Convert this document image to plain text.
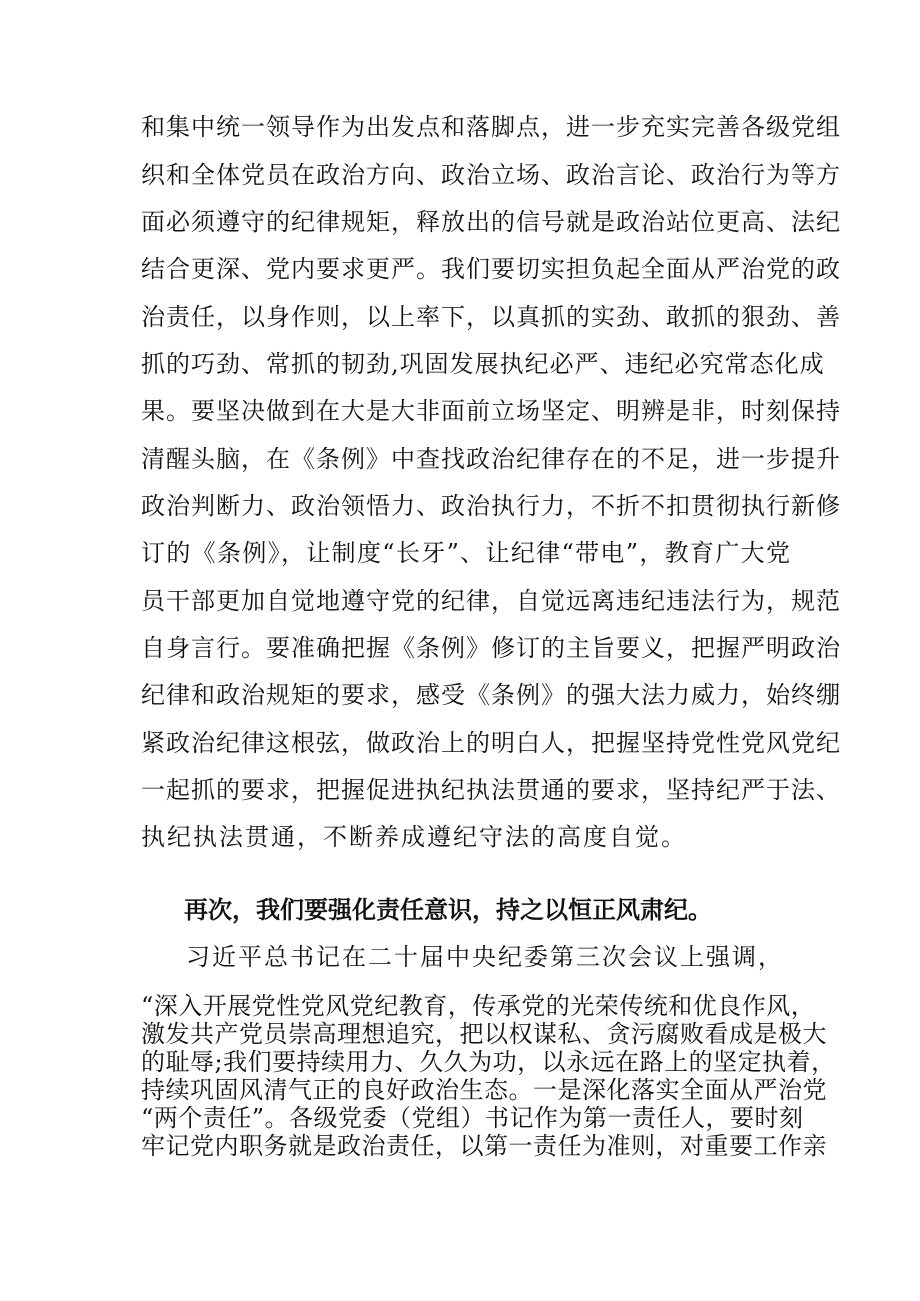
和集中统一领导作为出发点和落脚点，进一步充实完善各级党组
织和全体党员在政治方向、政治立场、政治言论、政治行为等方
面必须遵守的纪律规矩，释放出的信号就是政治站位更高、法纪
结合更深、党内要求更严。我们要切实担负起全面从严治党的政
治责任，以身作则，以上率下，以真抓的实劲、敢抓的狠劲、善
抓的巧劲、常抓的韧劲,巩固发展执纪必严、违纪必究常态化成
果。要坚决做到在大是大非面前立场坚定、明辨是非，时刻保持
清醒头脑，在《条例》中查找政治纪律存在的不足，进一步提升
政治判断力、政治领悟力、政治执行力，不折不扣贯彻执行新修
订的《条例》，让制度“长牙”、让纪律“带电”，教育广大党
员干部更加自觉地遵守党的纪律，自觉远离违纪违法行为，规范
自身言行。要准确把握《条例》修订的主旨要义，把握严明政治
纪律和政治规矩的要求，感受《条例》的强大法力威力，始终绷
紧政治纪律这根弦，做政治上的明白人，把握坚持党性党风党纪
一起抓的要求，把握促进执纪执法贯通的要求，坚持纪严于法、
执纪执法贯通，不断养成遵纪守法的高度自觉。
再次，我们要强化责任意识，持之以恒正风肃纪。
习近平总书记在二十届中央纪委第三次会议上强调，
“深入开展党性党风党纪教育，传承党的光荣传统和优良作风，
激发共产党员崇高理想追究，把以权谋私、贪污腐败看成是极大
的耻辱;我们要持续用力、久久为功，以永远在路上的坚定执着，
持续巩固风清气正的良好政治生态。一是深化落实全面从严治党
“两个责任”。各级党委（党组）书记作为第一责任人，要时刻
牢记党内职务就是政治责任，以第一责任为准则，对重要工作亲
